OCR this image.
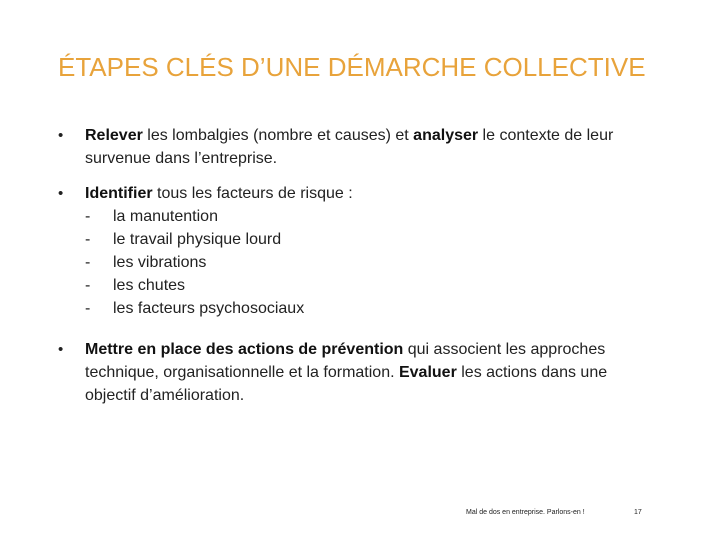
ÉTAPES CLÉS D’UNE DÉMARCHE COLLECTIVE
•	Relever les lombalgies (nombre et causes) et analyser le contexte de leur survenue dans l’entreprise.
•	Identifier tous les facteurs de risque :
-	la manutention
-	le travail physique lourd
-	les vibrations
-	les chutes
-	les facteurs psychosociaux
•	Mettre en place des actions de prévention qui associent les approches technique, organisationnelle et la formation. Evaluer les actions dans une objectif d’amélioration.
Mal de dos en entreprise. Parlons-en !	17
